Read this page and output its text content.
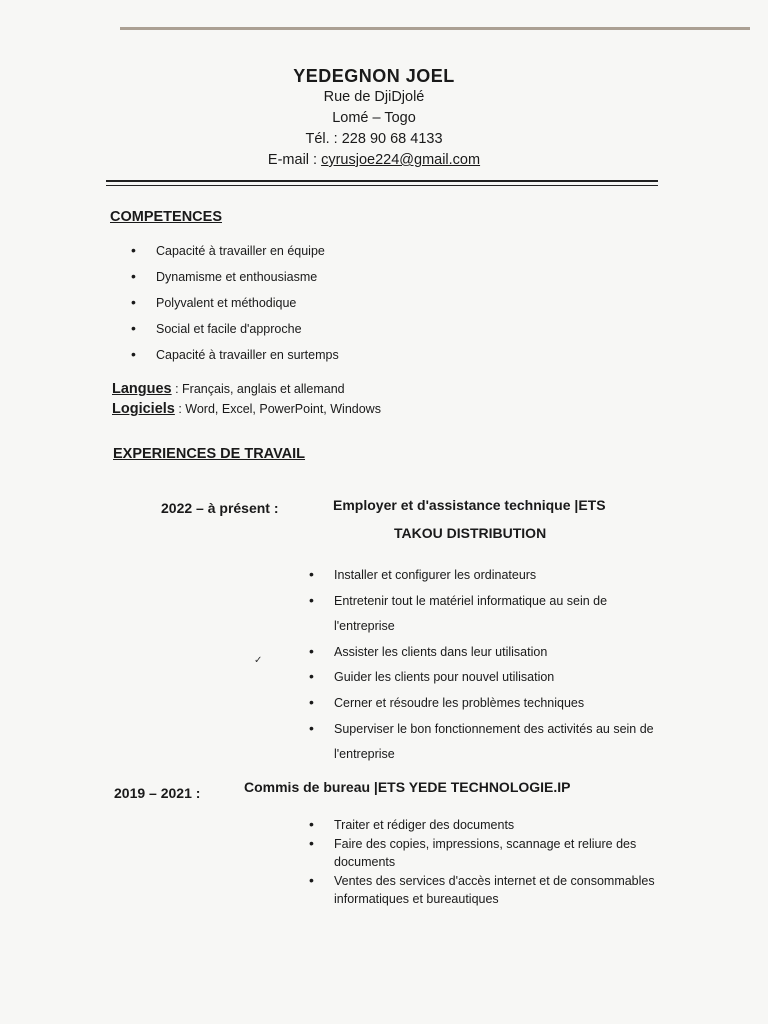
YEDEGNON JOEL
Rue de DjiDjolé
Lomé – Togo
Tél. : 228 90 68 4133
E-mail : cyrusjoe224@gmail.com
COMPETENCES
• Capacité à travailler en équipe
• Dynamisme et enthousiasme
• Polyvalent et méthodique
• Social et facile d'approche
• Capacité à travailler en surtemps
Langues : Français, anglais et allemand
Logiciels : Word, Excel, PowerPoint, Windows
EXPERIENCES DE TRAVAIL
2022 – à présent :	Employer et d'assistance technique |ETS
TAKOU DISTRIBUTION
• Installer et configurer les ordinateurs
• Entretenir tout le matériel informatique au sein de l'entreprise
• Assister les clients dans leur utilisation
• Guider les clients pour nouvel utilisation
• Cerner et résoudre les problèmes techniques
• Superviser le bon fonctionnement des activités au sein de l'entreprise
✓
2019 – 2021 :	Commis de bureau |ETS YEDE TECHNOLOGIE.IP
• Traiter et rédiger des documents
• Faire des copies, impressions, scannage et reliure des documents
• Ventes des services d'accès internet et de consommables informatiques et bureautiques
